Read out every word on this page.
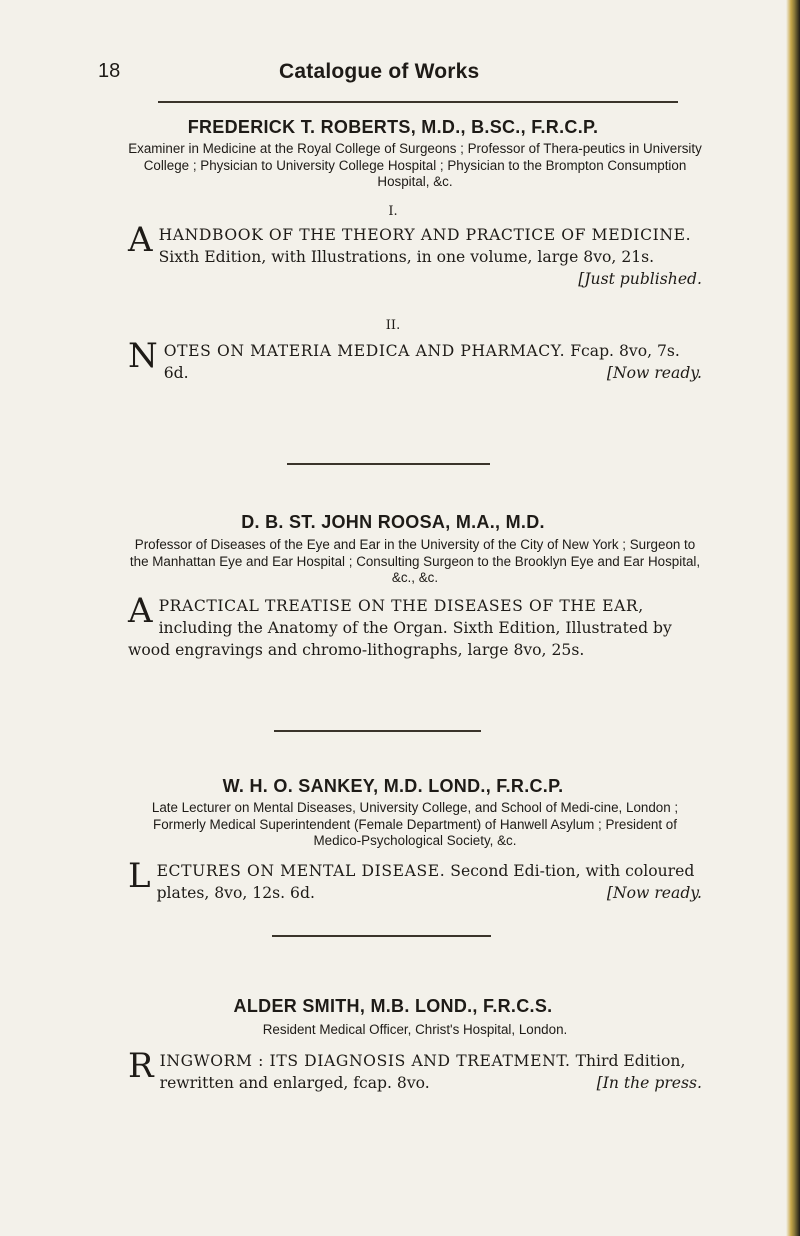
18	Catalogue of Works
FREDERICK T. ROBERTS, M.D., B.SC., F.R.C.P.
Examiner in Medicine at the Royal College of Surgeons ; Professor of Thera-peutics in University College ; Physician to University College Hospital ; Physician to the Brompton Consumption Hospital, &c.
I.
A HANDBOOK OF THE THEORY AND PRACTICE OF MEDICINE. Sixth Edition, with Illustrations, in one volume, large 8vo, 21s.
[Just published.
II.
N OTES ON MATERIA MEDICA AND PHARMACY. Fcap. 8vo, 7s. 6d.	[Now ready.
D. B. ST. JOHN ROOSA, M.A., M.D.
Professor of Diseases of the Eye and Ear in the University of the City of New York ; Surgeon to the Manhattan Eye and Ear Hospital ; Consulting Surgeon to the Brooklyn Eye and Ear Hospital, &c., &c.
A PRACTICAL TREATISE ON THE DISEASES OF THE EAR, including the Anatomy of the Organ. Sixth Edition, Illustrated by wood engravings and chromo-lithographs, large 8vo, 25s.
W. H. O. SANKEY, M.D. LOND., F.R.C.P.
Late Lecturer on Mental Diseases, University College, and School of Medi-cine, London ; Formerly Medical Superintendent (Female Department) of Hanwell Asylum ; President of Medico-Psychological Society, &c.
L ECTURES ON MENTAL DISEASE. Second Edi-tion, with coloured plates, 8vo, 12s. 6d.	[Now ready.
ALDER SMITH, M.B. LOND., F.R.C.S.
Resident Medical Officer, Christ's Hospital, London.
R INGWORM : ITS DIAGNOSIS AND TREATMENT. Third Edition, rewritten and enlarged, fcap. 8vo.	[In the press.
